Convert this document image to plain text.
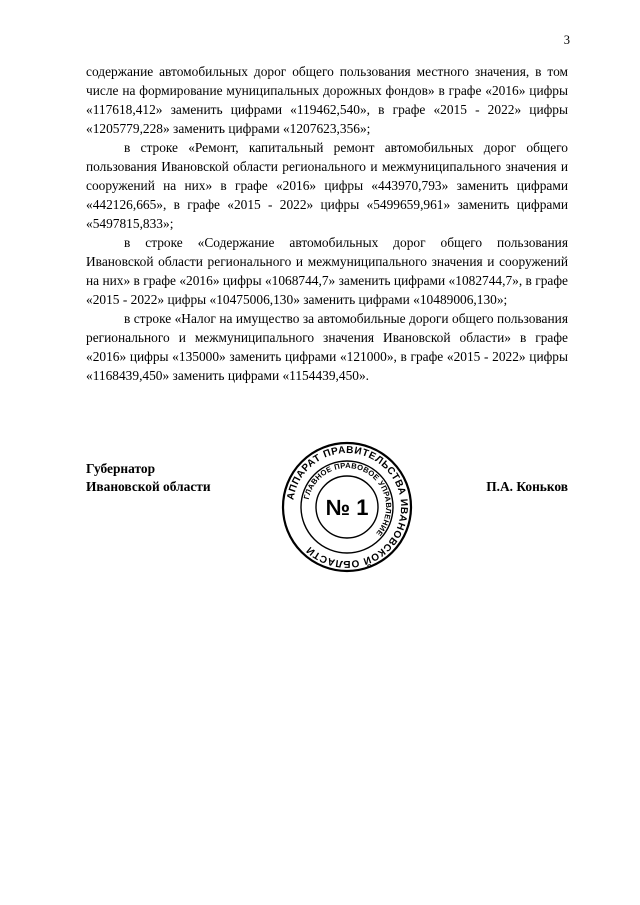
3

содержание автомобильных дорог общего пользования местного значения, в том числе на формирование муниципальных дорожных фондов» в графе «2016» цифры «117618,412» заменить цифрами «119462,540», в графе «2015 - 2022» цифры «1205779,228» заменить цифрами «1207623,356»;

в строке «Ремонт, капитальный ремонт автомобильных дорог общего пользования Ивановской области регионального и межмуниципального значения и сооружений на них» в графе «2016» цифры «443970,793» заменить цифрами «442126,665», в графе «2015 - 2022» цифры «5499659,961» заменить цифрами «5497815,833»;

в строке «Содержание автомобильных дорог общего пользования Ивановской области регионального и межмуниципального значения и сооружений на них» в графе «2016» цифры «1068744,7» заменить цифрами «1082744,7», в графе «2015 - 2022» цифры «10475006,130» заменить цифрами «10489006,130»;

в строке «Налог на имущество за автомобильные дороги общего пользования регионального и межмуниципального значения Ивановской области» в графе «2016» цифры «135000» заменить цифрами «121000», в графе «2015 - 2022» цифры «1168439,450» заменить цифрами «1154439,450».

Губернатор
Ивановской области	П.А. Коньков
АППАРАТ ПРАВИТЕЛЬСТВА ИВАНОВСКОЙ ОБЛАСТИ
ГЛАВНОЕ ПРАВОВОЕ УПРАВЛЕНИЕ
№ 1
